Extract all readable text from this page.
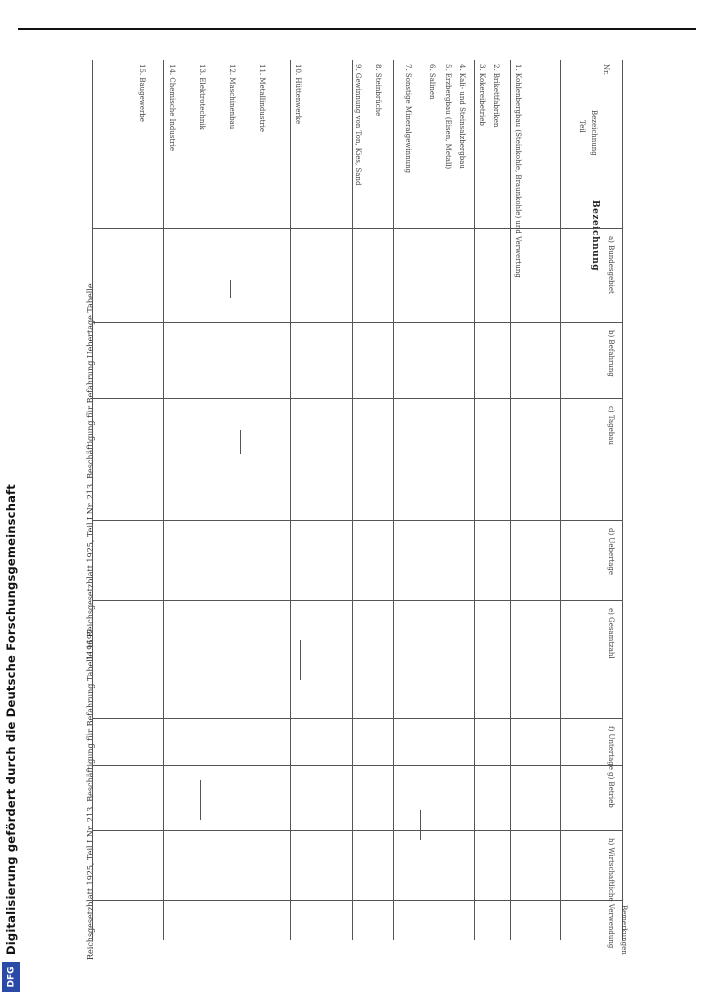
1196 Reichsgesetzblatt 1925, Teil I Nr. 213. Beschäftigung für Befahrung Uebertage Tabelle
Reichsgesetzblatt 1925, Teil I Nr. 213. Beschäftigung für Befahrung Tabelle 1197
Bezeichnung
Nr.
Bezeichnung
Teil
a) Bundesgebiet
b) Befahrung
c) Tagebau
d) Uebertage
e) Gesamtzahl
f) Untertage
g) Betrieb
h) Wirtschaftliche Verwendung Bemerkungen
1. Kohlenbergbau (Steinkohle, Braunkohle) und Verwertung
2. Brikettfabriken
3. Kokereibetrieb
4. Kali- und Steinsalzbergbau
5. Erzbergbau (Eisen, Metall)
6. Salinen
7. Sonstige Mineralgewinnung
8. Steinbrüche
9. Gewinnung von Ton, Kies, Sand
10. Hüttenwerke
11. Metallindustrie
12. Maschinenbau
13. Elektrotechnik
14. Chemische Industrie
15. Baugewerbe
Digitalisierung gefördert durch die Deutsche Forschungsgemeinschaft
DFG
